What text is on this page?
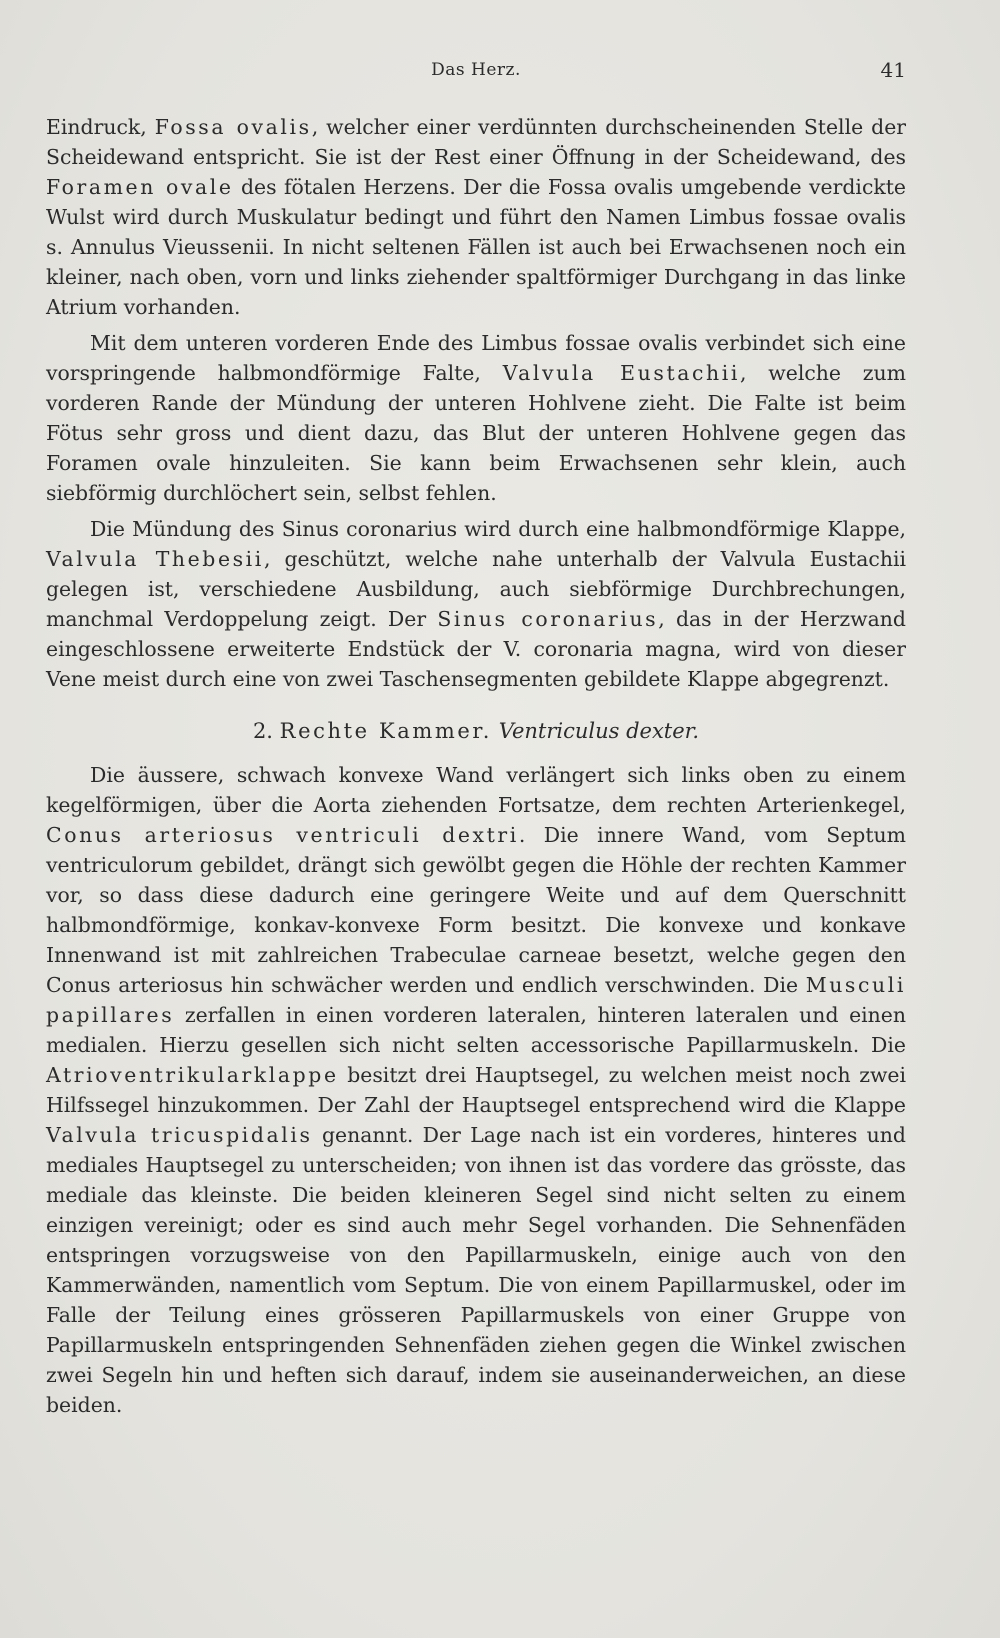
Das Herz.	41

Eindruck, Fossa ovalis, welcher einer verdünnten durchscheinenden Stelle der Scheidewand entspricht. Sie ist der Rest einer Öffnung in der Scheidewand, des Foramen ovale des fötalen Herzens. Der die Fossa ovalis umgebende verdickte Wulst wird durch Muskulatur bedingt und führt den Namen Limbus fossae ovalis s. Annulus Vieussenii. In nicht seltenen Fällen ist auch bei Erwachsenen noch ein kleiner, nach oben, vorn und links ziehender spaltförmiger Durchgang in das linke Atrium vorhanden.

Mit dem unteren vorderen Ende des Limbus fossae ovalis verbindet sich eine vorspringende halbmondförmige Falte, Valvula Eustachii, welche zum vorderen Rande der Mündung der unteren Hohlvene zieht. Die Falte ist beim Fötus sehr gross und dient dazu, das Blut der unteren Hohlvene gegen das Foramen ovale hinzuleiten. Sie kann beim Erwachsenen sehr klein, auch siebförmig durchlöchert sein, selbst fehlen.

Die Mündung des Sinus coronarius wird durch eine halbmondförmige Klappe, Valvula Thebesii, geschützt, welche nahe unterhalb der Valvula Eustachii gelegen ist, verschiedene Ausbildung, auch siebförmige Durchbrechungen, manchmal Verdoppelung zeigt. Der Sinus coronarius, das in der Herzwand eingeschlossene erweiterte Endstück der V. coronaria magna, wird von dieser Vene meist durch eine von zwei Taschensegmenten gebildete Klappe abgegrenzt.

2. Rechte Kammer. Ventriculus dexter.

Die äussere, schwach konvexe Wand verlängert sich links oben zu einem kegelförmigen, über die Aorta ziehenden Fortsatze, dem rechten Arterienkegel, Conus arteriosus ventriculi dextri. Die innere Wand, vom Septum ventriculorum gebildet, drängt sich gewölbt gegen die Höhle der rechten Kammer vor, so dass diese dadurch eine geringere Weite und auf dem Querschnitt halbmondförmige, konkav-konvexe Form besitzt. Die konvexe und konkave Innenwand ist mit zahlreichen Trabeculae carneae besetzt, welche gegen den Conus arteriosus hin schwächer werden und endlich verschwinden. Die Musculi papillares zerfallen in einen vorderen lateralen, hinteren lateralen und einen medialen. Hierzu gesellen sich nicht selten accessorische Papillarmuskeln. Die Atrioventrikularklappe besitzt drei Hauptsegel, zu welchen meist noch zwei Hilfssegel hinzukommen. Der Zahl der Hauptsegel entsprechend wird die Klappe Valvula tricuspidalis genannt. Der Lage nach ist ein vorderes, hinteres und mediales Hauptsegel zu unterscheiden; von ihnen ist das vordere das grösste, das mediale das kleinste. Die beiden kleineren Segel sind nicht selten zu einem einzigen vereinigt; oder es sind auch mehr Segel vorhanden. Die Sehnenfäden entspringen vorzugsweise von den Papillarmuskeln, einige auch von den Kammerwänden, namentlich vom Septum. Die von einem Papillarmuskel, oder im Falle der Teilung eines grösseren Papillarmuskels von einer Gruppe von Papillarmuskeln entspringenden Sehnenfäden ziehen gegen die Winkel zwischen zwei Segeln hin und heften sich darauf, indem sie auseinanderweichen, an diese beiden.
